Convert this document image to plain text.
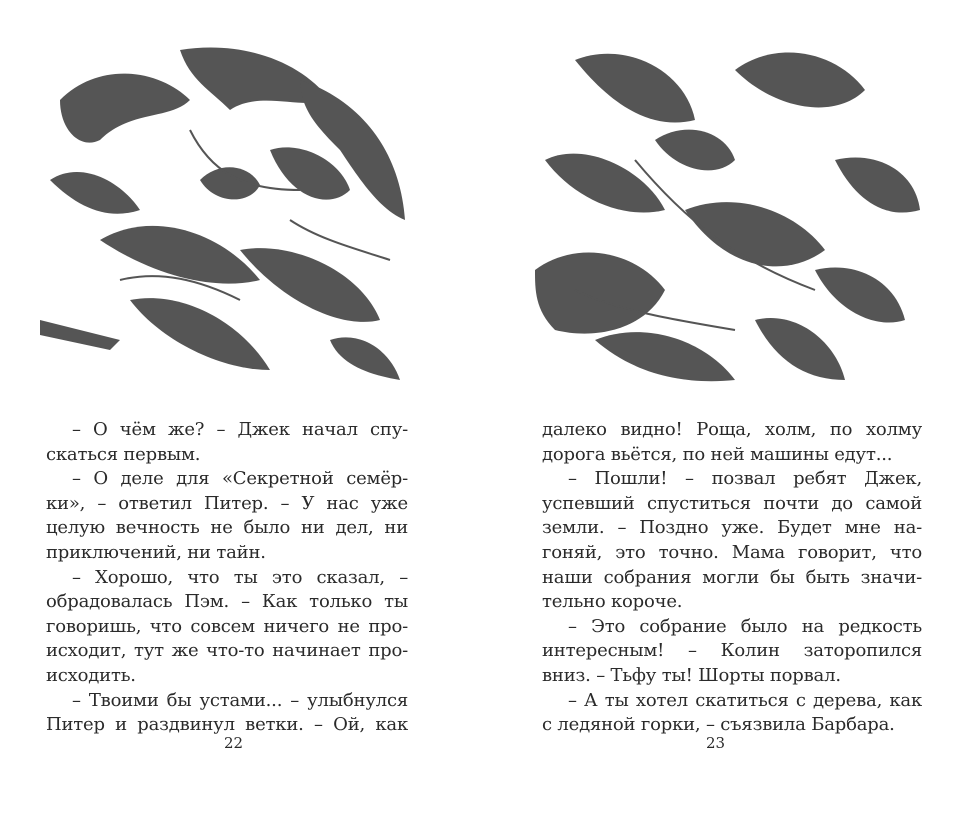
– О чём же? – Джек начал спу-
скаться первым.
– О деле для «Секретной семёр-
ки», – ответил Питер. – У нас уже
целую вечность не было ни дел, ни
приключений, ни тайн.
– Хорошо, что ты это сказал, –
обрадовалась Пэм. – Как только ты
говоришь, что совсем ничего не про-
исходит, тут же что-то начинает про-
исходить.
– Твоими бы устами... – улыбнулся
Питер и раздвинул ветки. – Ой, как
22
далеко видно! Роща, холм, по холму
дорога вьётся, по ней машины едут...
– Пошли! – позвал ребят Джек,
успевший спуститься почти до самой
земли. – Поздно уже. Будет мне на-
гоняй, это точно. Мама говорит, что
наши собрания могли бы быть значи-
тельно короче.
– Это собрание было на редкость
интересным! – Колин заторопился
вниз. – Тьфу ты! Шорты порвал.
– А ты хотел скатиться с дерева, как
с ледяной горки, – съязвила Барбара.
23
